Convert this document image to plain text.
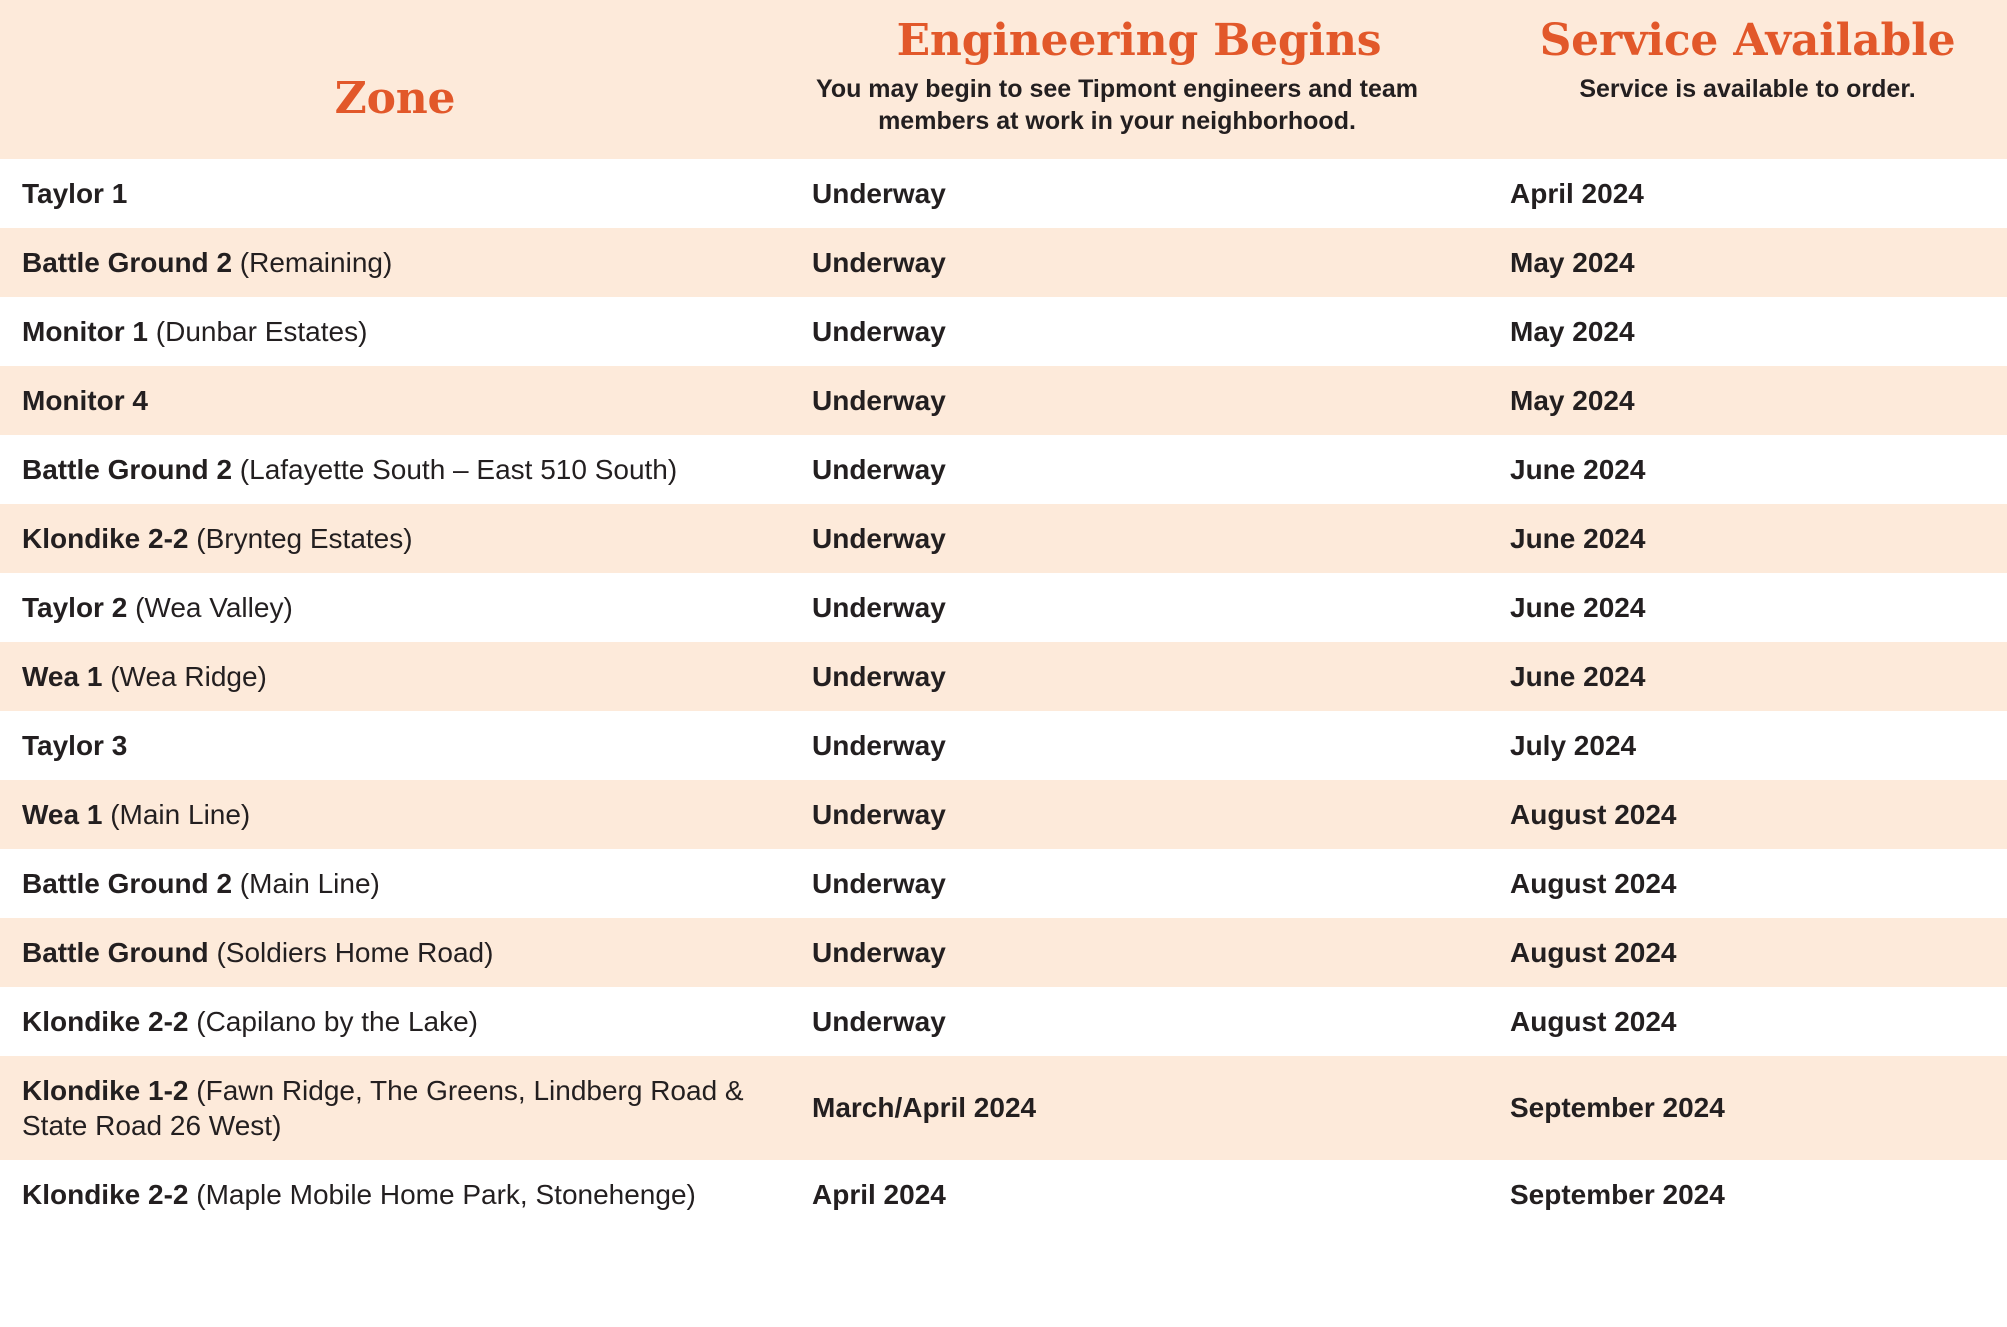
Zone

Engineering Begins
You may begin to see Tipmont engineers and team members at work in your neighborhood.

Service Available
Service is available to order.

Taylor 1	Underway	April 2024
Battle Ground 2 (Remaining)	Underway	May 2024
Monitor 1 (Dunbar Estates)	Underway	May 2024
Monitor 4	Underway	May 2024
Battle Ground 2 (Lafayette South – East 510 South)	Underway	June 2024
Klondike 2-2 (Brynteg Estates)	Underway	June 2024
Taylor 2 (Wea Valley)	Underway	June 2024
Wea 1 (Wea Ridge)	Underway	June 2024
Taylor 3	Underway	July 2024
Wea 1 (Main Line)	Underway	August 2024
Battle Ground 2 (Main Line)	Underway	August 2024
Battle Ground (Soldiers Home Road)	Underway	August 2024
Klondike 2-2 (Capilano by the Lake)	Underway	August 2024
Klondike 1-2 (Fawn Ridge, The Greens, Lindberg Road & State Road 26 West)	March/April 2024	September 2024
Klondike 2-2 (Maple Mobile Home Park, Stonehenge)	April 2024	September 2024
